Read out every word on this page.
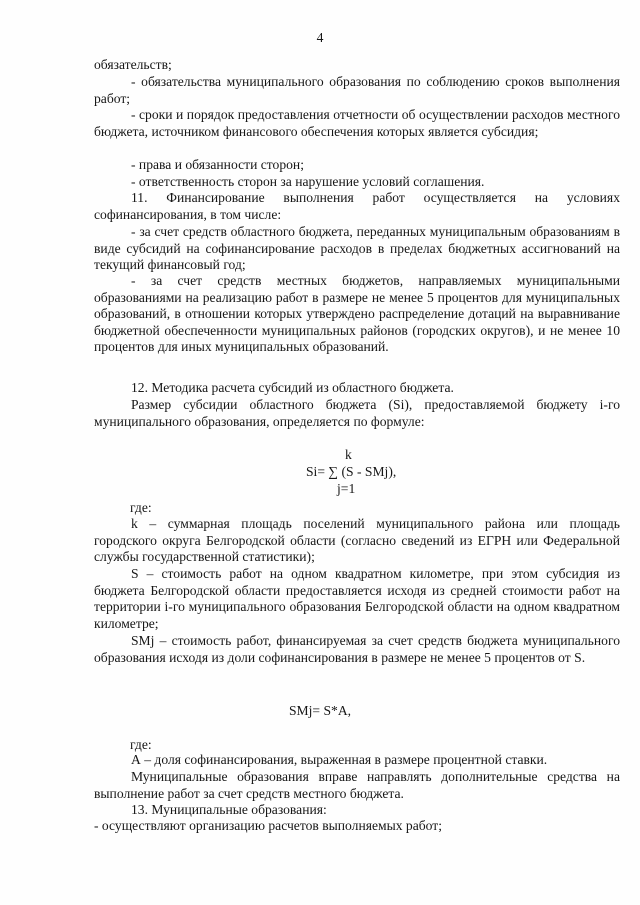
4

обязательств;

- обязательства муниципального образования по соблюдению сроков выполнения работ;

- сроки и порядок предоставления отчетности об осуществлении расходов местного бюджета, источником финансового обеспечения которых является субсидия;

- права и обязанности сторон;

- ответственность сторон за нарушение условий соглашения.

11. Финансирование выполнения работ осуществляется на условиях софинансирования, в том числе:

- за счет средств областного бюджета, переданных муниципальным образованиям в виде субсидий на софинансирование расходов в пределах бюджетных ассигнований на текущий финансовый год;

- за счет средств местных бюджетов, направляемых муниципальными образованиями на реализацию работ в размере не менее 5 процентов для муниципальных образований, в отношении которых утверждено распределение дотаций на выравнивание бюджетной обеспеченности муниципальных районов (городских округов), и не менее 10 процентов для иных муниципальных образований.

12. Методика расчета субсидий из областного бюджета.

Размер субсидии областного бюджета (Si), предоставляемой бюджету i-го муниципального образования, определяется по формуле:

k
Si= ∑ (S - SMj),
j=1
где:

k – суммарная площадь поселений муниципального района или площадь городского округа Белгородской области (согласно сведений из ЕГРН или Федеральной службы государственной статистики);

S – стоимость работ на одном квадратном километре, при этом субсидия из бюджета Белгородской области предоставляется исходя из средней стоимости работ на территории i-го муниципального образования Белгородской области на одном квадратном километре;

SMj – стоимость работ, финансируемая за счет средств бюджета муниципального образования исходя из доли софинансирования в размере не менее 5 процентов от S.

SMj= S*A,
где:

А – доля софинансирования, выраженная в размере процентной ставки.

Муниципальные образования вправе направлять дополнительные средства на выполнение работ за счет средств местного бюджета.

13. Муниципальные образования:

- осуществляют организацию расчетов выполняемых работ;
